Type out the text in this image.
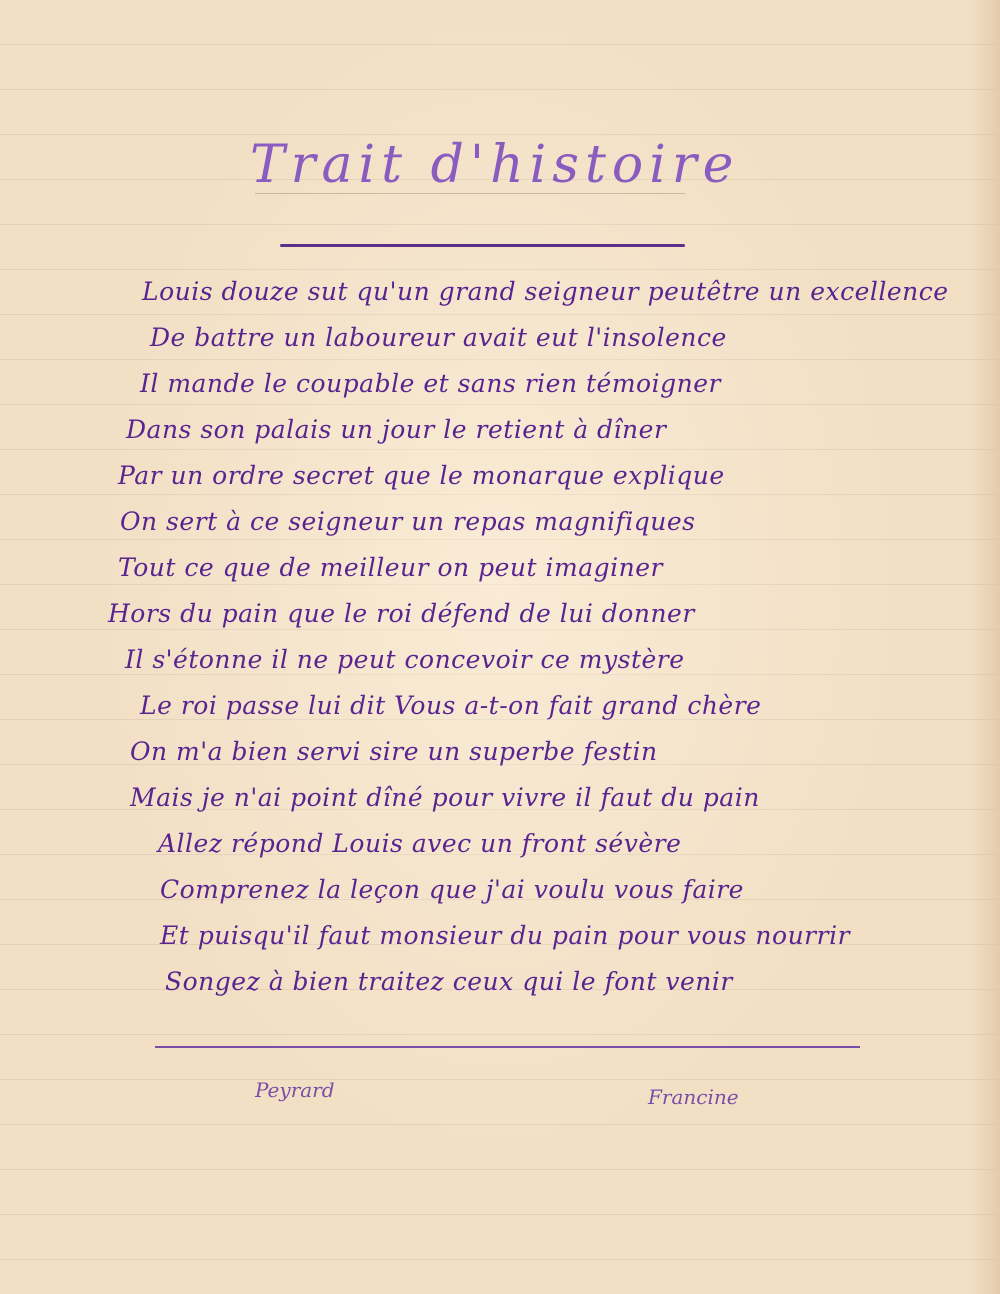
Trait d'histoire
Louis douze sut qu'un grand seigneur peutêtre un excellence
De battre un laboureur avait eut l'insolence
Il mande le coupable et sans rien témoigner
Dans son palais un jour le retient à dîner
Par un ordre secret que le monarque explique
On sert à ce seigneur un repas magnifiques
Tout ce que de meilleur on peut imaginer
Hors du pain que le roi défend de lui donner
Il s'étonne il ne peut concevoir ce mystère
Le roi passe lui dit Vous a-t-on fait grand chère
On m'a bien servi sire un superbe festin
Mais je n'ai point dîné pour vivre il faut du pain
Allez répond Louis avec un front sévère
Comprenez la leçon que j'ai voulu vous faire
Et puisqu'il faut monsieur du pain pour vous nourrir
Songez à bien traitez ceux qui le font venir
Peyrard	Francine
